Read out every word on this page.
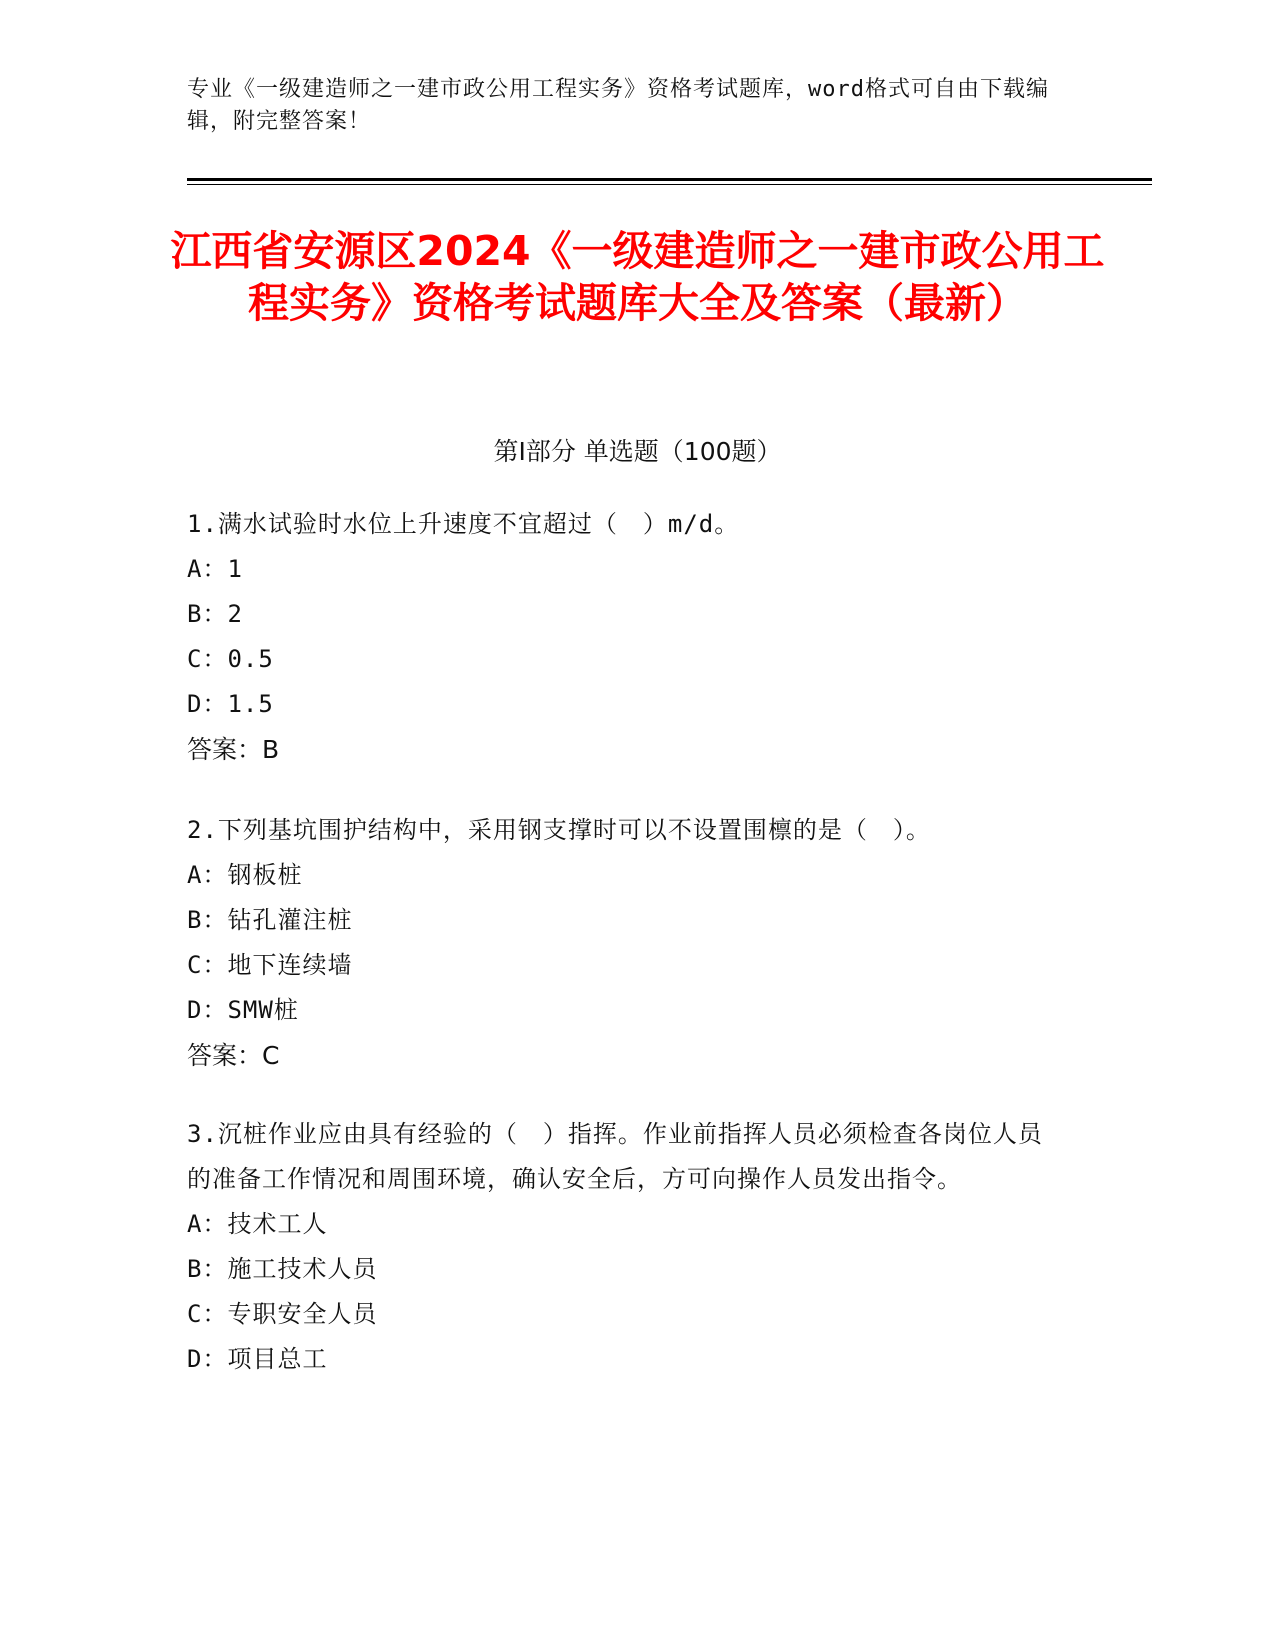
专业《一级建造师之一建市政公用工程实务》资格考试题库，word格式可自由下载编辑，附完整答案！
江西省安源区2024《一级建造师之一建市政公用工程实务》资格考试题库大全及答案（最新）
第I部分 单选题（100题）
1.满水试验时水位上升速度不宜超过（　）m/d。
A：1
B：2
C：0.5
D：1.5
答案：B
2.下列基坑围护结构中，采用钢支撑时可以不设置围檩的是（　）。
A：钢板桩
B：钻孔灌注桩
C：地下连续墙
D：SMW桩
答案：C
3.沉桩作业应由具有经验的（　）指挥。作业前指挥人员必须检查各岗位人员的准备工作情况和周围环境，确认安全后，方可向操作人员发出指令。
A：技术工人
B：施工技术人员
C：专职安全人员
D：项目总工
